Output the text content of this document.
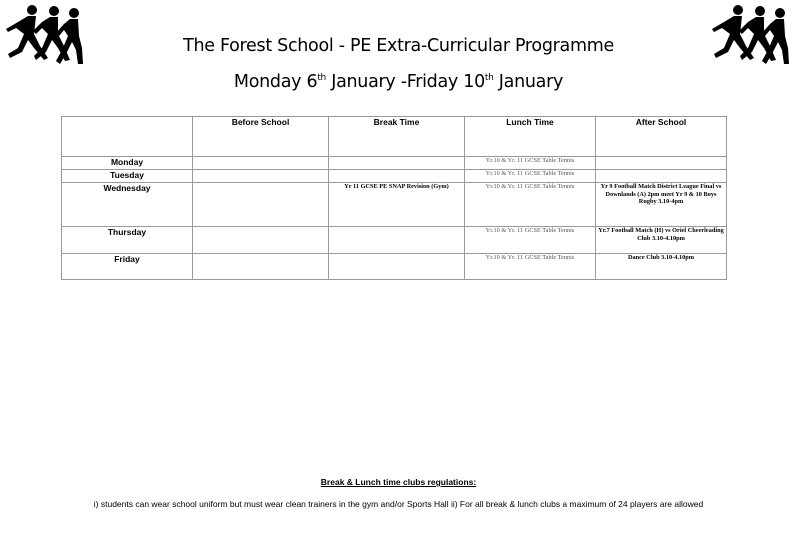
The Forest School - PE Extra-Curricular Programme
Monday 6th January -Friday 10th January
	Before School	Break Time	Lunch Time	After School
Monday			Yr.10 & Yr. 11 GCSE Table Tennis	
Tuesday			Yr.10 & Yr. 11 GCSE Table Tennis	
Wednesday		Yr 11 GCSE PE SNAP Revision (Gym)	Yr.10 & Yr. 11 GCSE Table Tennis	Yr 9 Football Match District League Final vs Downlands (A) 2pm meet Yr 9 & 10 Boys Rugby 3.10-4pm
Thursday			Yr.10 & Yr. 11 GCSE Table Tennis	Yr.7 Football Match (H) vs Oriel Cheerleading Club 3.10-4.10pm
Friday			Yr.10 & Yr. 11 GCSE Table Tennis	Dance Club 3.10-4.10pm
Break & Lunch time clubs regulations:
i) students can wear school uniform but must wear clean trainers in the gym and/or Sports Hall ii) For all break & lunch clubs a maximum of 24 players are allowed
